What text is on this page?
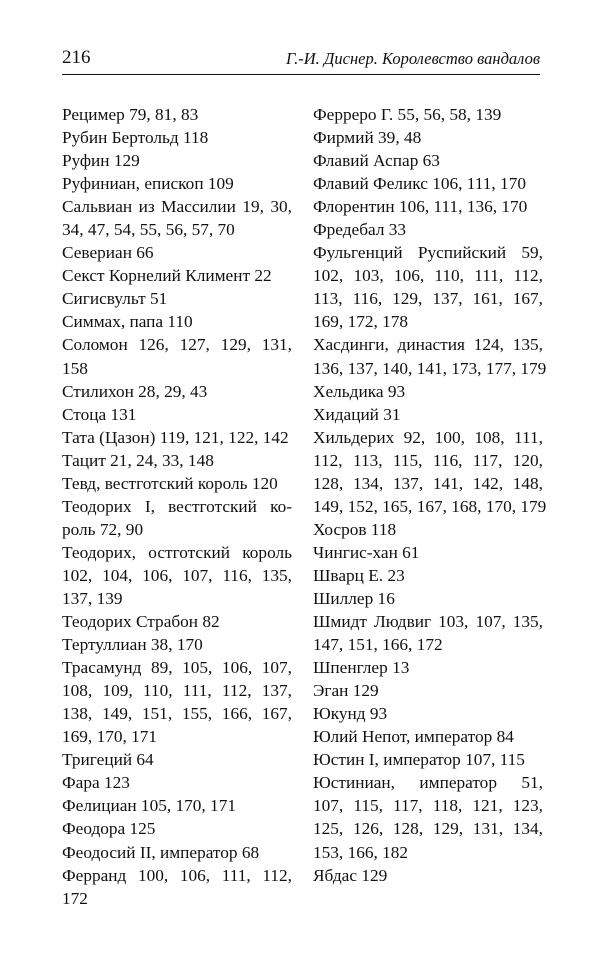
216	Г.-И. Диснер. Королевство вандалов
Рецимер 79, 81, 83
Рубин Бертольд 118
Руфин 129
Руфиниан, епископ 109
Сальвиан из Массилии 19, 30,
34, 47, 54, 55, 56, 57, 70
Севериан 66
Секст Корнелий Климент 22
Сигисвульт 51
Симмах, папа 110
Соломон 126, 127, 129, 131,
158
Стилихон 28, 29, 43
Стоца 131
Тата (Цазон) 119, 121, 122, 142
Тацит 21, 24, 33, 148
Тевд, вестготский король 120
Теодорих I, вестготский ко-
роль 72, 90
Теодорих, остготский король
102, 104, 106, 107, 116, 135,
137, 139
Теодорих Страбон 82
Тертуллиан 38, 170
Трасамунд 89, 105, 106, 107,
108, 109, 110, 111, 112, 137,
138, 149, 151, 155, 166, 167,
169, 170, 171
Тригеций 64
Фара 123
Фелициан 105, 170, 171
Феодора 125
Феодосий II, император 68
Ферранд 100, 106, 111, 112,
172
Ферреро Г. 55, 56, 58, 139
Фирмий 39, 48
Флавий Аспар 63
Флавий Феликс 106, 111, 170
Флорентин 106, 111, 136, 170
Фредебал 33
Фульгенций Руспийский 59,
102, 103, 106, 110, 111, 112,
113, 116, 129, 137, 161, 167,
169, 172, 178
Хасдинги, династия 124, 135,
136, 137, 140, 141, 173, 177, 179
Хельдика 93
Хидаций 31
Хильдерих 92, 100, 108, 111,
112, 113, 115, 116, 117, 120,
128, 134, 137, 141, 142, 148,
149, 152, 165, 167, 168, 170, 179
Хосров 118
Чингис-хан 61
Шварц Е. 23
Шиллер 16
Шмидт Людвиг 103, 107, 135,
147, 151, 166, 172
Шпенглер 13
Эган 129
Юкунд 93
Юлий Непот, император 84
Юстин I, император 107, 115
Юстиниан, император 51,
107, 115, 117, 118, 121, 123,
125, 126, 128, 129, 131, 134,
153, 166, 182
Ябдас 129
